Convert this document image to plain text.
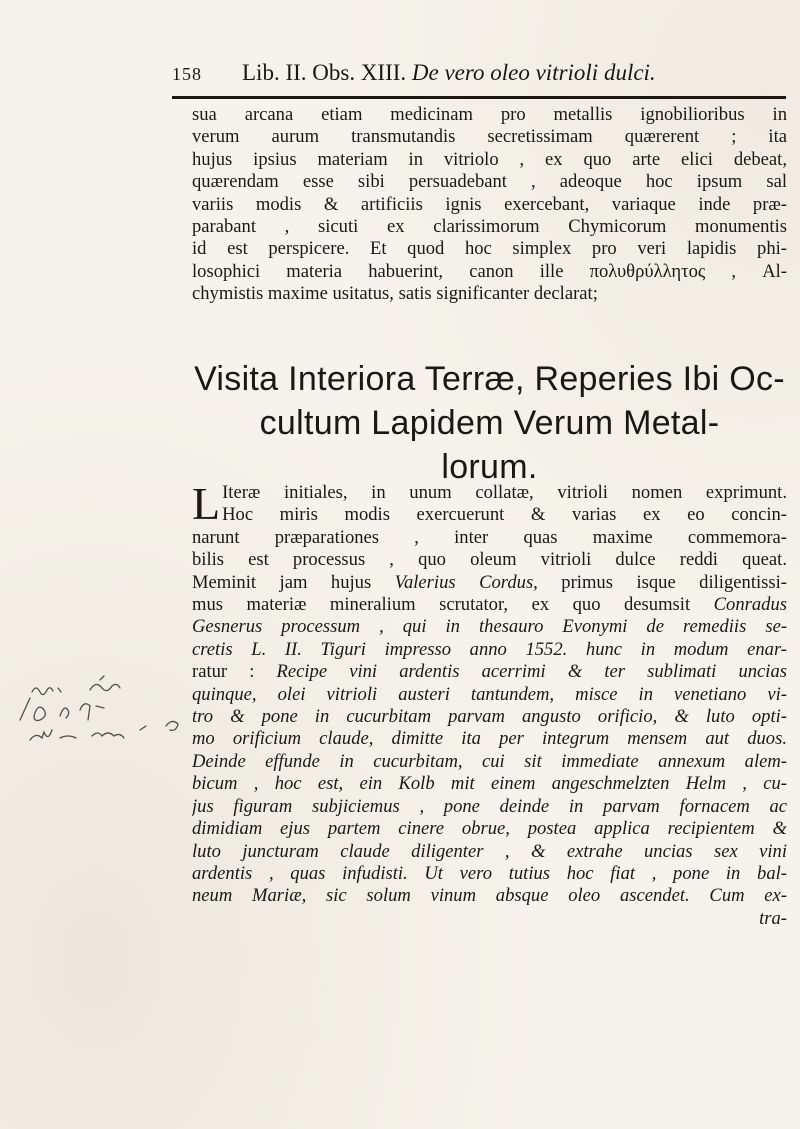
158 Lib. II. Obs. XIII. De vero oleo vitrioli dulci.
sua arcana etiam medicinam pro metallis ignobilioribus in
verum aurum transmutandis secretissimam quærerent ; ita
hujus ipsius materiam in vitriolo , ex quo arte elici debeat,
quærendam esse sibi persuadebant , adeoque hoc ipsum sal
variis modis & artificiis ignis exercebant, variaque inde præ-
parabant , sicuti ex clarissimorum Chymicorum monumentis
id est perspicere. Et quod hoc simplex pro veri lapidis phi-
losophici materia habuerint, canon ille πολυθρύλλητος , Al-
chymistis maxime usitatus, satis significanter declarat;
Visita Interiora Terræ, Reperies Ibi Oc-
cultum Lapidem Verum Metal-
lorum.
L Iteræ initiales, in unum collatæ, vitrioli nomen exprimunt.
Hoc miris modis exercuerunt & varias ex eo concin-
narunt præparationes , inter quas maxime commemora-
bilis est processus , quo oleum vitrioli dulce reddi queat.
Meminit jam hujus Valerius Cordus, primus isque diligentissi-
mus materiæ mineralium scrutator, ex quo desumsit Conradus
Gesnerus processum , qui in thesauro Evonymi de remediis se-
cretis L. II. Tiguri impresso anno 1552. hunc in modum enar-
ratur : Recipe vini ardentis acerrimi & ter sublimati uncias
quinque, olei vitrioli austeri tantundem, misce in venetiano vi-
tro & pone in cucurbitam parvam angusto orificio, & luto opti-
mo orificium claude, dimitte ita per integrum mensem aut duos.
Deinde effunde in cucurbitam, cui sit immediate annexum alem-
bicum , hoc est, ein Kolb mit einem angeschmelzten Helm , cu-
jus figuram subjiciemus , pone deinde in parvam fornacem ac
dimidiam ejus partem cinere obrue, postea applica recipientem &
luto juncturam claude diligenter , & extrahe uncias sex vini
ardentis , quas infudisti. Ut vero tutius hoc fiat , pone in bal-
neum Mariæ, sic solum vinum absque oleo ascendet. Cum ex-
tra-
